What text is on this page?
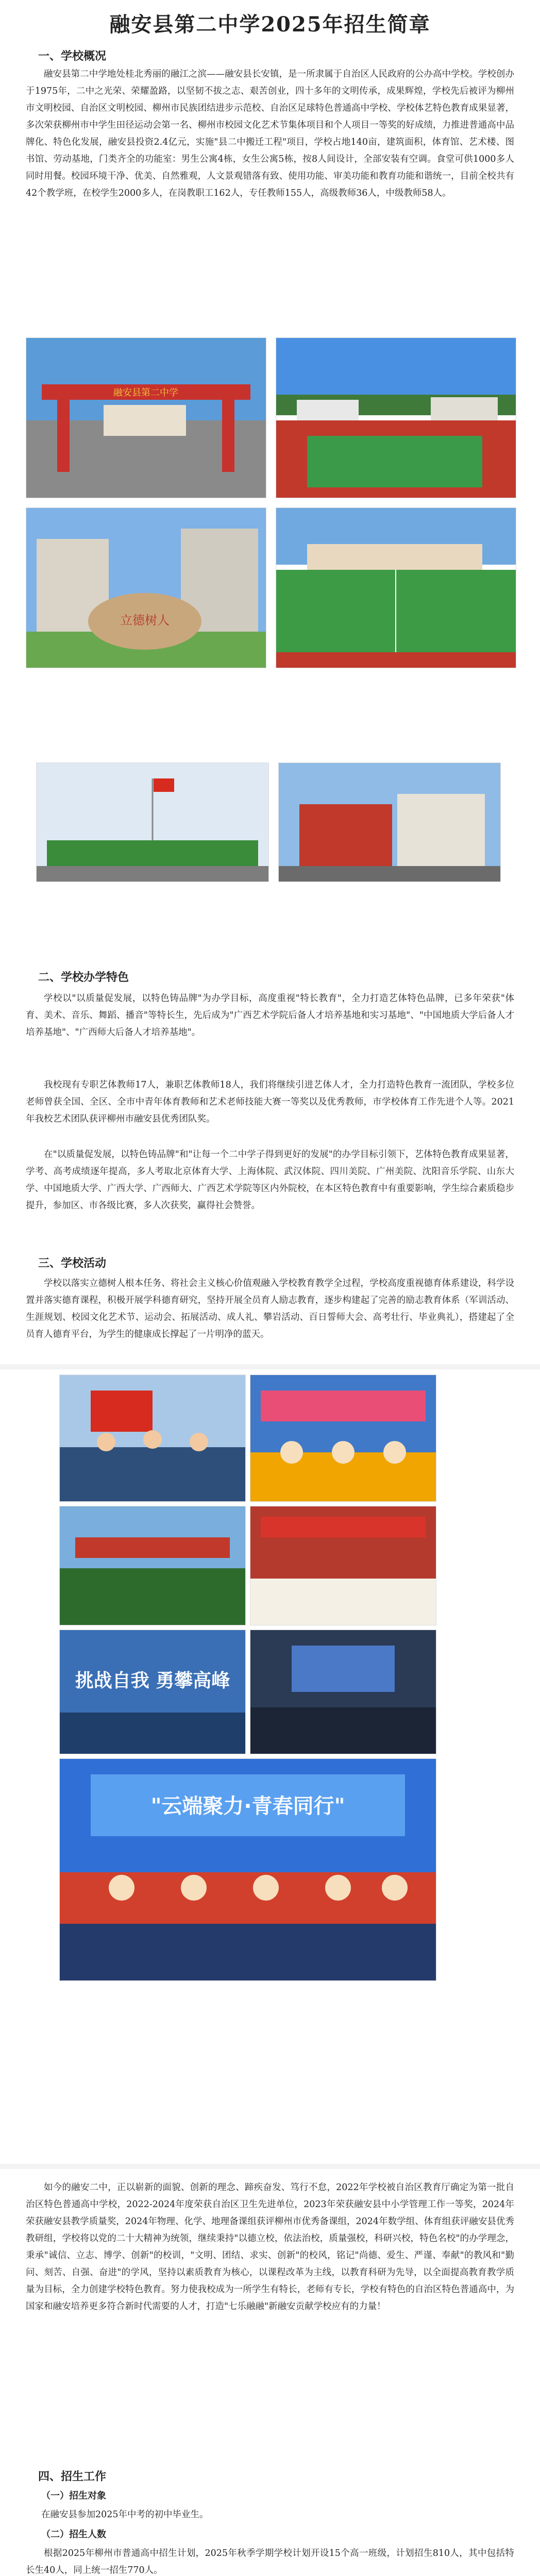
融安县第二中学2025年招生简章
一、学校概况

融安县第二中学地处桂北秀丽的融江之滨——融安县长安镇，是一所隶属于自治区人民政府的公办高中学校。学校创办于1975年，二中之光荣、荣耀盈路，以坚韧不拔之志、艰苦创业，四十多年的文明传承，成果辉煌，学校先后被评为柳州市文明校园、自治区文明校园、柳州市民族团结进步示范校、自治区足球特色普通高中学校、学校体艺特色教育成果显著，多次荣获柳州市中学生田径运动会第一名、柳州市校园文化艺术节集体项目和个人项目一等奖的好成绩，力推进普通高中品牌化、特色化发展，融安县投资2.4亿元，实施"县二中搬迁工程"项目，学校占地140亩，建筑面积，体育馆、艺术楼、图书馆、劳动基地，门类齐全的功能室：男生公寓4栋，女生公寓5栋，按8人间设计，全部安装有空调。食堂可供1000多人同时用餐。校园环境干净、优美、自然雅观，人文景观错落有致、使用功能、审美功能和教育功能和谐统一，目前全校共有42个教学班，在校学生2000多人，在岗教职工162人，专任教师155人，高级教师36人，中级教师58人。

融安县第二中学
立德树人
二、学校办学特色

学校以"以质量促发展，以特色铸品牌"为办学目标，高度重视"特长教育"，全力打造艺体特色品牌，已多年荣获"体育、美术、音乐、舞蹈、播音"等特长生，先后成为"广西艺术学院后备人才培养基地和实习基地"、"中国地质大学后备人才培养基地"、"广西师大后备人才培养基地"。

我校现有专职艺体教师17人，兼职艺体教师18人，我们将继续引进艺体人才，全力打造特色教育一流团队，学校多位老师曾获全国、全区、全市中青年体育教师和艺术老师技能大赛一等奖以及优秀教师，市学校体育工作先进个人等。2021年我校艺术团队获评柳州市融安县优秀团队奖。

在"以质量促发展，以特色铸品牌"和"让每一个二中学子得到更好的发展"的办学目标引领下，艺体特色教育成果显著，学考、高考成绩逐年提高，多人考取北京体育大学、上海体院、武汉体院、四川美院、广州美院、沈阳音乐学院、山东大学、中国地质大学、广西大学、广西师大、广西艺术学院等区内外院校，在本区特色教育中有重要影响，学生综合素质稳步提升，参加区、市各级比赛，多人次获奖，赢得社会赞誉。

三、学校活动

学校以落实立德树人根本任务、将社会主义核心价值观融入学校教育教学全过程，学校高度重视德育体系建设，科学设置并落实德育课程，积极开展学科德育研究，坚持开展全员育人励志教育，逐步构建起了完善的励志教育体系（军训活动、生涯规划、校园文化艺术节、运动会、拓展活动、成人礼、攀岩活动、百日誓师大会、高考壮行、毕业典礼），搭建起了全员育人德育平台，为学生的健康成长撑起了一片明净的蓝天。

挑战自我 勇攀高峰
"云端聚力·青春同行"

如今的融安二中，正以崭新的面貌、创新的理念、蹄疾奋发、笃行不怠，2022年学校被自治区教育厅确定为第一批自治区特色普通高中学校，2022-2024年度荣获自治区卫生先进单位，2023年荣获融安县中小学管理工作一等奖，2024年荣获融安县教学质量奖，2024年物理、化学、地理备课组获评柳州市优秀备课组，2024年数学组、体育组获评融安县优秀教研组，学校将以党的二十大精神为统领，继续秉持"以德立校，依法治校，质量强校，科研兴校，特色名校"的办学理念，秉承"诚信、立志、博学、创新"的校训，"文明、团结、求实、创新"的校风，铭记"尚德、爱生、严谨、奉献"的教风和"勤问、刻苦、自强、奋进"的学风，坚持以素质教育为核心，以课程改革为主线，以教育科研为先导，以全面提高教育教学质量为目标，全力创建学校特色教育。努力使我校成为一所学生有特长，老师有专长，学校有特色的自治区特色普通高中，为国家和融安培养更多符合新时代需要的人才，打造"七乐融融"新融安贡献学校应有的力量！

四、招生工作
（一）招生对象
在融安县参加2025年中考的初中毕业生。
（二）招生人数

根据2025年柳州市普通高中招生计划，2025年秋季学期学校计划开设15个高一班级，计划招生810人，其中包括特长生40人，同上统一招生770人。
